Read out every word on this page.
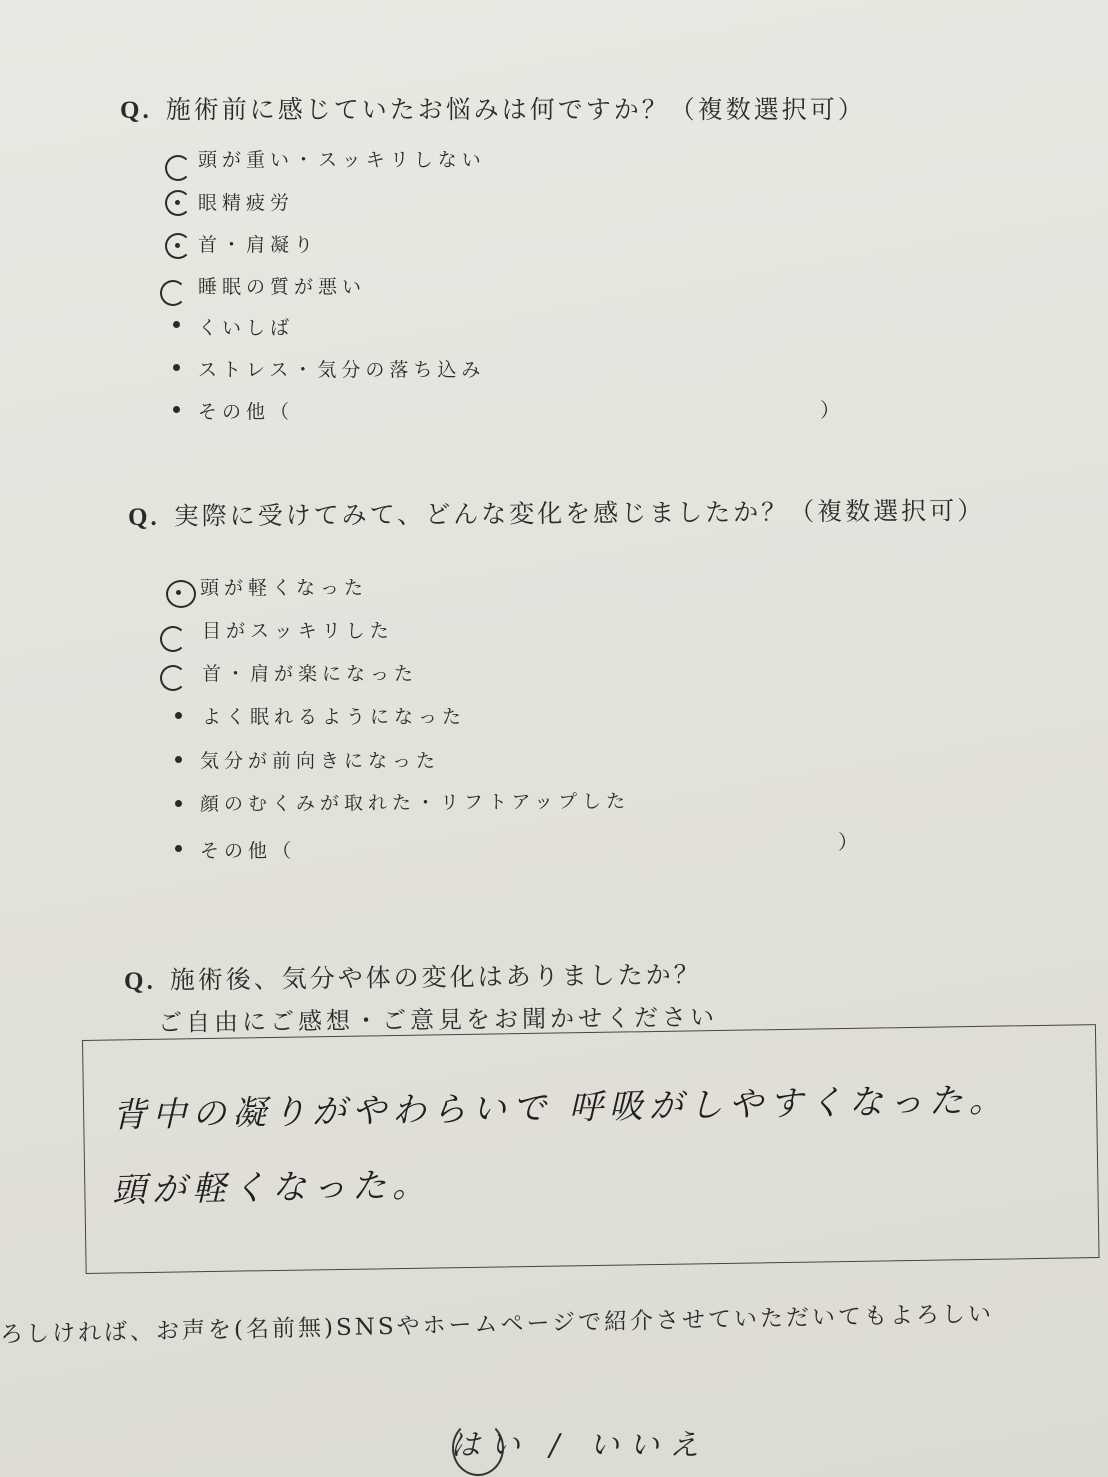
Q. 施術前に感じていたお悩みは何ですか？（複数選択可）
頭が重い・スッキリしない
眼精疲労
首・肩凝り
睡眠の質が悪い
くいしば
ストレス・気分の落ち込み
その他（	）
Q. 実際に受けてみて、どんな変化を感じましたか？（複数選択可）
頭が軽くなった
目がスッキリした
首・肩が楽になった
よく眠れるようになった
気分が前向きになった
顔のむくみが取れた・リフトアップした
その他（	）
Q. 施術後、気分や体の変化はありましたか？
ご自由にご感想・ご意見をお聞かせください
背中の凝りがやわらいで 呼吸がしやすくなった。
頭が軽くなった。
ろしければ、お声を(名前無)SNSやホームページで紹介させていただいてもよろしい
はい / いいえ
